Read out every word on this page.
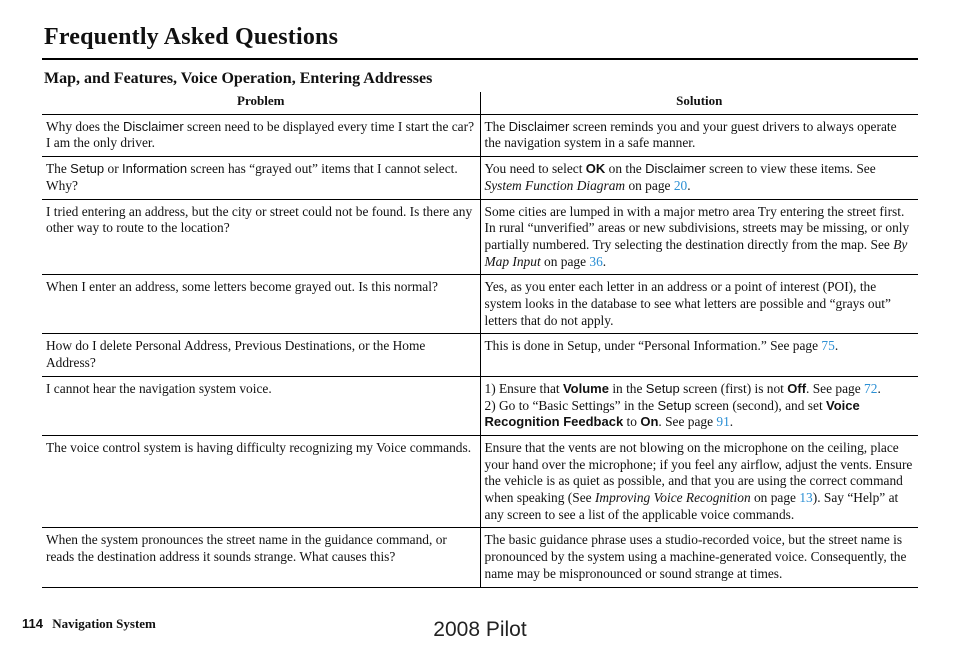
Frequently Asked Questions
Map, and Features, Voice Operation, Entering Addresses
Problem	Solution
Why does the Disclaimer screen need to be displayed every time I start the car? I am the only driver.	The Disclaimer screen reminds you and your guest drivers to always operate the navigation system in a safe manner.
The Setup or Information screen has “grayed out” items that I cannot select. Why?	You need to select OK on the Disclaimer screen to view these items. See System Function Diagram on page 20.
I tried entering an address, but the city or street could not be found. Is there any other way to route to the location?	Some cities are lumped in with a major metro area Try entering the street first. In rural “unverified” areas or new subdivisions, streets may be missing, or only partially numbered. Try selecting the destination directly from the map. See By Map Input on page 36.
When I enter an address, some letters become grayed out. Is this normal?	Yes, as you enter each letter in an address or a point of interest (POI), the system looks in the database to see what letters are possible and “grays out” letters that do not apply.
How do I delete Personal Address, Previous Destinations, or the Home Address?	This is done in Setup, under “Personal Information.” See page 75.
I cannot hear the navigation system voice.	1) Ensure that Volume in the Setup screen (first) is not Off. See page 72.
2) Go to “Basic Settings” in the Setup screen (second), and set Voice Recognition Feedback to On. See page 91.
The voice control system is having difficulty recognizing my Voice commands.	Ensure that the vents are not blowing on the microphone on the ceiling, place your hand over the microphone; if you feel any airflow, adjust the vents. Ensure the vehicle is as quiet as possible, and that you are using the correct command when speaking (See Improving Voice Recognition on page 13). Say “Help” at any screen to see a list of the applicable voice commands.
When the system pronounces the street name in the guidance command, or reads the destination address it sounds strange. What causes this?	The basic guidance phrase uses a studio-recorded voice, but the street name is pronounced by the system using a machine-generated voice. Consequently, the name may be mispronounced or sound strange at times.
114 Navigation System	2008 Pilot
